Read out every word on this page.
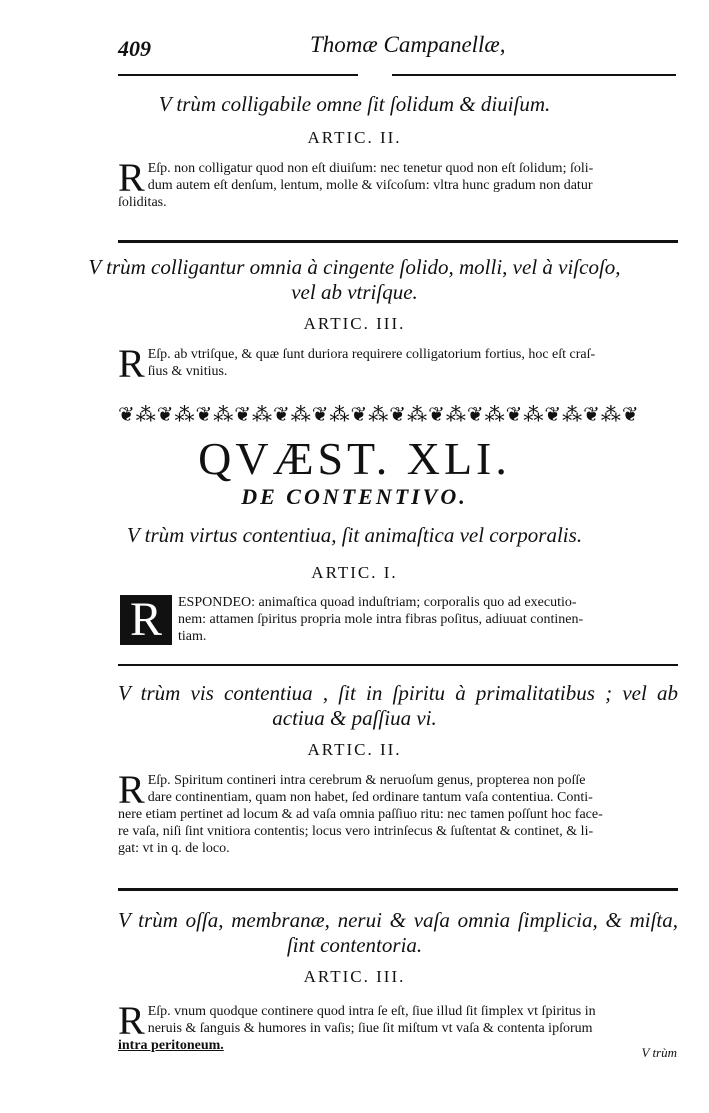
409	Thomæ Campanellæ,
V trùm colligabile omne ſit ſolidum & diuiſum.
ARTIC. II.
R Eſp. non colligatur quod non eſt diuiſum: nec tenetur quod non eſt ſolidum; ſoli-
dum autem eſt denſum, lentum, molle & viſcoſum: vltra hunc gradum non datur
ſoliditas.
V trùm colligantur omnia à cingente ſolido, molli, vel à viſcoſo,
vel ab vtriſque.
ARTIC. III.
R Eſp. ab vtriſque, & quæ ſunt duriora requirere colligatorium fortius, hoc eſt craſ-
ſius & vnitius.
❦⁂❦⁂❦⁂❦⁂❦⁂❦⁂❦⁂❦⁂❦⁂❦⁂❦⁂❦⁂❦⁂❦
QVÆST. XLI.
DE CONTENTIVO.
V trùm virtus contentiua, ſit animaſtica vel corporalis.
ARTIC. I.
R	ESPONDEO: animaſtica quoad induſtriam; corporalis quo ad executio-
nem: attamen ſpiritus propria mole intra fibras poſitus, adiuuat continen-
tiam.
V trùm vis contentiua , ſit in ſpiritu à primalitatibus ; vel ab
actiua & paſſiua vi.
ARTIC. II.
R Eſp. Spiritum contineri intra cerebrum & neruoſum genus, propterea non poſſe
dare continentiam, quam non habet, ſed ordinare tantum vaſa contentiua. Conti-
nere etiam pertinet ad locum & ad vaſa omnia paſſiuo ritu: nec tamen poſſunt hoc face-
re vaſa, niſi ſint vnitiora contentis; locus vero intrinſecus & ſuſtentat & continet, & li-
gat: vt in q. de loco.
V trùm oſſa, membranæ, nerui & vaſa omnia ſimplicia, & miſta,
ſint contentoria.
ARTIC. III.
R Eſp. vnum quodque continere quod intra ſe eſt, ſiue illud ſit ſimplex vt ſpiritus in
neruis & ſanguis & humores in vaſis; ſiue ſit miſtum vt vaſa & contenta ipſorum
intra peritoneum.	V trùm
